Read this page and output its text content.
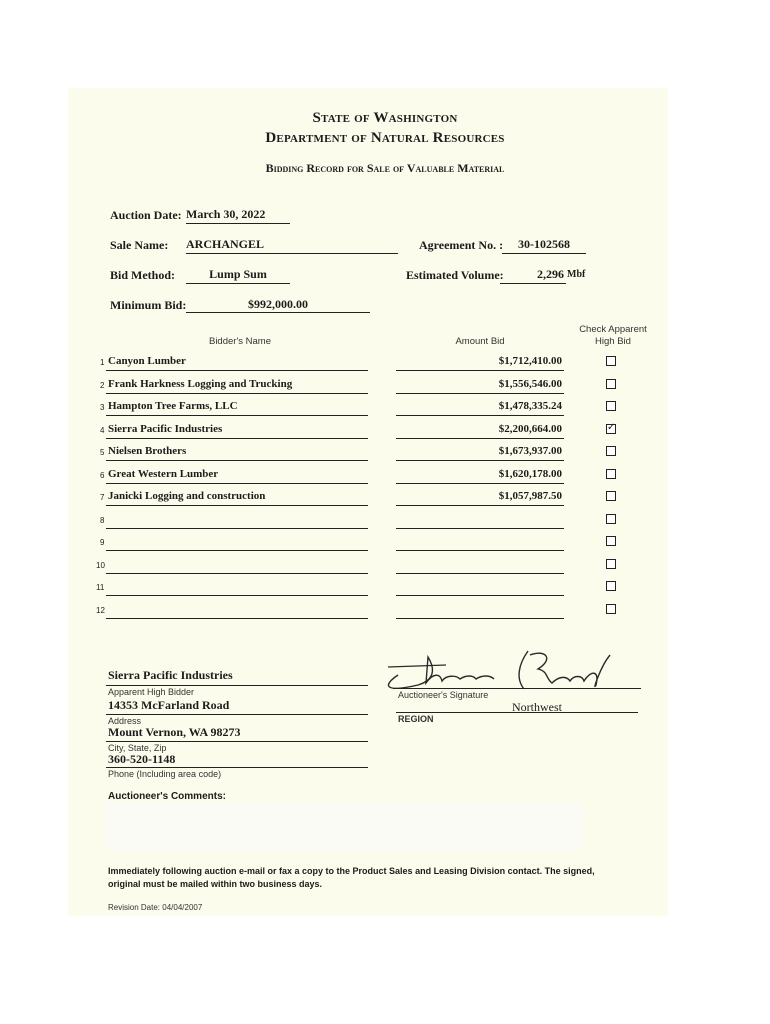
State of Washington
Department of Natural Resources
Bidding Record for Sale of Valuable Material
Auction Date: March 30, 2022
Sale Name: ARCHANGEL	Agreement No. :	30-102568
Bid Method:	Lump Sum	Estimated Volume:	2,296 Mbf
Minimum Bid:	$992,000.00
Bidder's Name	Amount Bid
Check Apparent
High Bid
1 Canyon Lumber	$1,712,410.00
2 Frank Harkness Logging and Trucking	$1,556,546.00
3 Hampton Tree Farms, LLC	$1,478,335.24
4 Sierra Pacific Industries	$2,200,664.00	✓
5 Nielsen Brothers	$1,673,937.00
6 Great Western Lumber	$1,620,178.00
7 Janicki Logging and construction	$1,057,987.50
8
9
10
11
12
Sierra Pacific Industries
Apparent High Bidder
14353 McFarland Road
Address
Mount Vernon, WA 98273
City, State, Zip
360-520-1148
Phone (Including area code)
Auctioneer's Signature
Northwest
REGION
Auctioneer's Comments:
Immediately following auction e-mail or fax a copy to the Product Sales and Leasing Division contact. The signed, original must be mailed within two business days.
Revision Date: 04/04/2007
